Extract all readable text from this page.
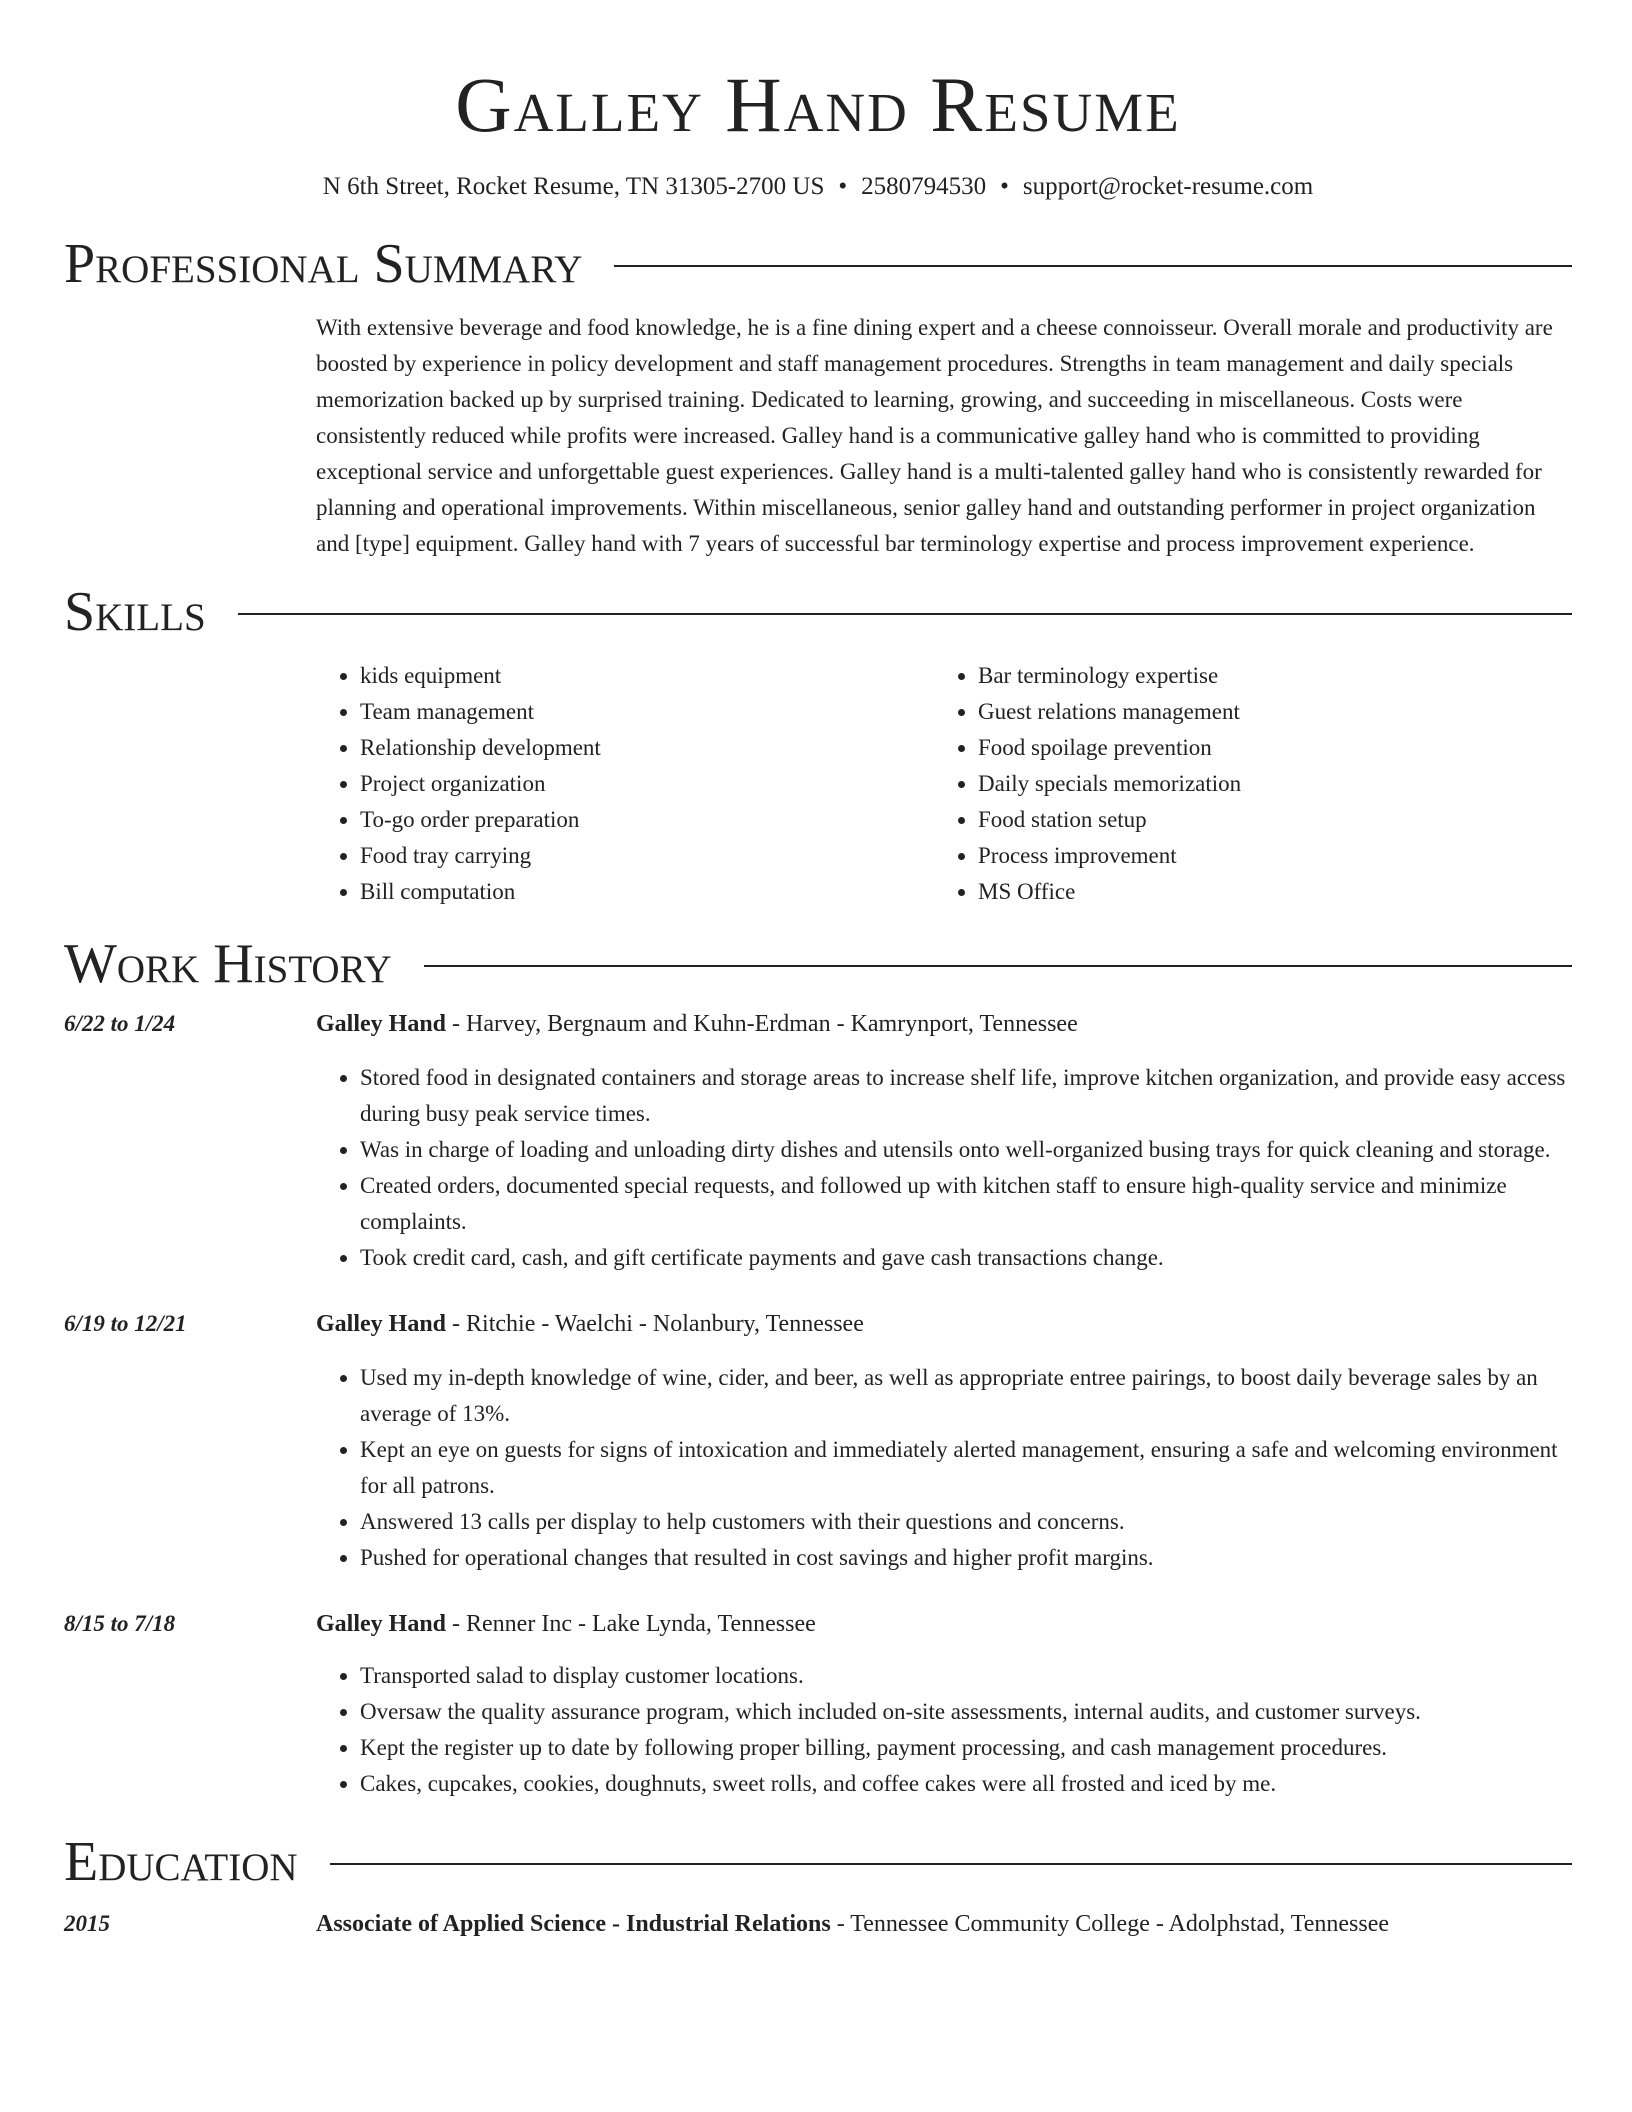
Galley Hand Resume
N 6th Street, Rocket Resume, TN 31305-2700 US • 2580794530 • support@rocket-resume.com
Professional Summary

With extensive beverage and food knowledge, he is a fine dining expert and a cheese connoisseur. Overall morale and productivity are boosted by experience in policy development and staff management procedures. Strengths in team management and daily specials memorization backed up by surprised training. Dedicated to learning, growing, and succeeding in miscellaneous. Costs were consistently reduced while profits were increased. Galley hand is a communicative galley hand who is committed to providing exceptional service and unforgettable guest experiences. Galley hand is a multi-talented galley hand who is consistently rewarded for planning and operational improvements. Within miscellaneous, senior galley hand and outstanding performer in project organization and [type] equipment. Galley hand with 7 years of successful bar terminology expertise and process improvement experience.

Skills
• kids equipment
• Team management
• Relationship development
• Project organization
• To-go order preparation
• Food tray carrying
• Bill computation
• Bar terminology expertise
• Guest relations management
• Food spoilage prevention
• Daily specials memorization
• Food station setup
• Process improvement
• MS Office
Work History
6/22 to 1/24	Galley Hand - Harvey, Bergnaum and Kuhn-Erdman - Kamrynport, Tennessee
• Stored food in designated containers and storage areas to increase shelf life, improve kitchen organization, and provide easy access during busy peak service times.
• Was in charge of loading and unloading dirty dishes and utensils onto well-organized busing trays for quick cleaning and storage.
• Created orders, documented special requests, and followed up with kitchen staff to ensure high-quality service and minimize complaints.
• Took credit card, cash, and gift certificate payments and gave cash transactions change.
6/19 to 12/21	Galley Hand - Ritchie - Waelchi - Nolanbury, Tennessee
• Used my in-depth knowledge of wine, cider, and beer, as well as appropriate entree pairings, to boost daily beverage sales by an average of 13%.
• Kept an eye on guests for signs of intoxication and immediately alerted management, ensuring a safe and welcoming environment for all patrons.
• Answered 13 calls per display to help customers with their questions and concerns.
• Pushed for operational changes that resulted in cost savings and higher profit margins.
8/15 to 7/18	Galley Hand - Renner Inc - Lake Lynda, Tennessee
• Transported salad to display customer locations.
• Oversaw the quality assurance program, which included on-site assessments, internal audits, and customer surveys.
• Kept the register up to date by following proper billing, payment processing, and cash management procedures.
• Cakes, cupcakes, cookies, doughnuts, sweet rolls, and coffee cakes were all frosted and iced by me.
Education
2015	Associate of Applied Science - Industrial Relations - Tennessee Community College - Adolphstad, Tennessee
